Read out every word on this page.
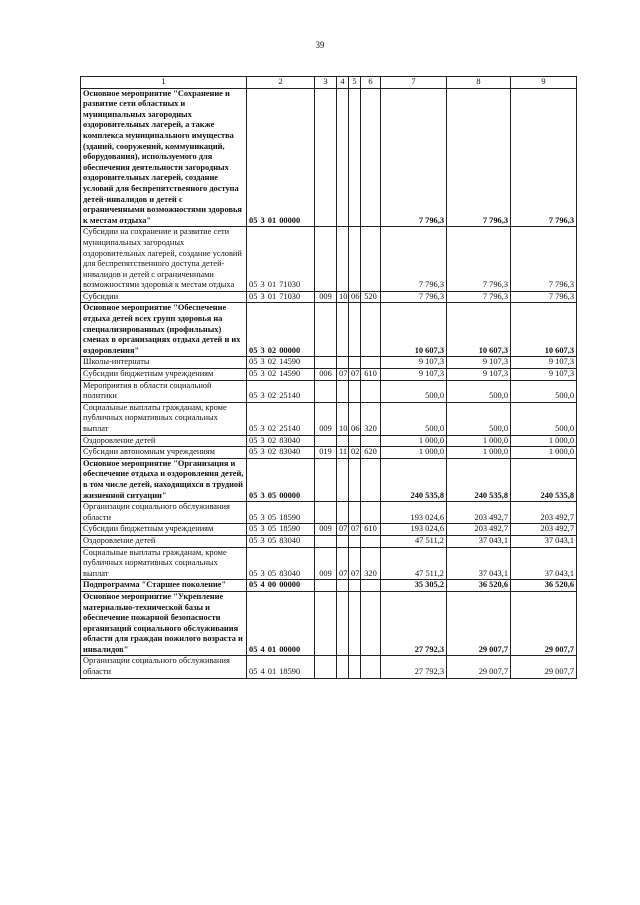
39
1	2	3	4	5	6	7	8	9
Основное мероприятие "Сохранение и развитие сети областных и муниципальных загородных оздоровительных лагерей, а также комплекса муниципального имущества (зданий, сооружений, коммуникаций, оборудования), используемого для обеспечения деятельности загородных оздоровительных лагерей, создание условий для беспрепятственного доступа детей-инвалидов и детей с ограниченными возможностями здоровья к местам отдыха"	05 3 01 00000					7 796,3	7 796,3	7 796,3
Субсидии на сохранение и развитие сети муниципальных загородных оздоровительных лагерей, создание условий для беспрепятственного доступа детей-инвалидов и детей с ограниченными возможностями здоровья к местам отдыха	05 3 01 71030					7 796,3	7 796,3	7 796,3
Субсидии	05 3 01 71030	009	10	06	520	7 796,3	7 796,3	7 796,3
Основное мероприятие "Обеспечение отдыха детей всех групп здоровья на специализированных (профильных) сменах в организациях отдыха детей и их оздоровления"	05 3 02 00000					10 607,3	10 607,3	10 607,3
Школы-интернаты	05 3 02 14590					9 107,3	9 107,3	9 107,3
Субсидии бюджетным учреждениям	05 3 02 14590	006	07	07	610	9 107,3	9 107,3	9 107,3
Мероприятия в области социальной политики	05 3 02 25140					500,0	500,0	500,0
Социальные выплаты гражданам, кроме публичных нормативных социальных выплат	05 3 02 25140	009	10	06	320	500,0	500,0	500,0
Оздоровление детей	05 3 02 83040					1 000,0	1 000,0	1 000,0
Субсидии автономным учреждениям	05 3 02 83040	019	11	02	620	1 000,0	1 000,0	1 000,0
Основное мероприятие "Организация и обеспечение отдыха и оздоровления детей, в том числе детей, находящихся в трудной жизненной ситуации"	05 3 05 00000					240 535,8	240 535,8	240 535,8
Организации социального обслуживания области	05 3 05 18590					193 024,6	203 492,7	203 492,7
Субсидии бюджетным учреждениям	05 3 05 18590	009	07	07	610	193 024,6	203 492,7	203 492,7
Оздоровление детей	05 3 05 83040					47 511,2	37 043,1	37 043,1
Социальные выплаты гражданам, кроме публичных нормативных социальных выплат	05 3 05 83040	009	07	07	320	47 511,2	37 043,1	37 043,1
Подпрограмма "Старшее поколение"	05 4 00 00000					35 305,2	36 520,6	36 520,6
Основное мероприятие "Укрепление материально-технической базы и обеспечение пожарной безопасности организаций социального обслуживания области для граждан пожилого возраста и инвалидов"	05 4 01 00000					27 792,3	29 007,7	29 007,7
Организации социального обслуживания области	05 4 01 18590					27 792,3	29 007,7	29 007,7
